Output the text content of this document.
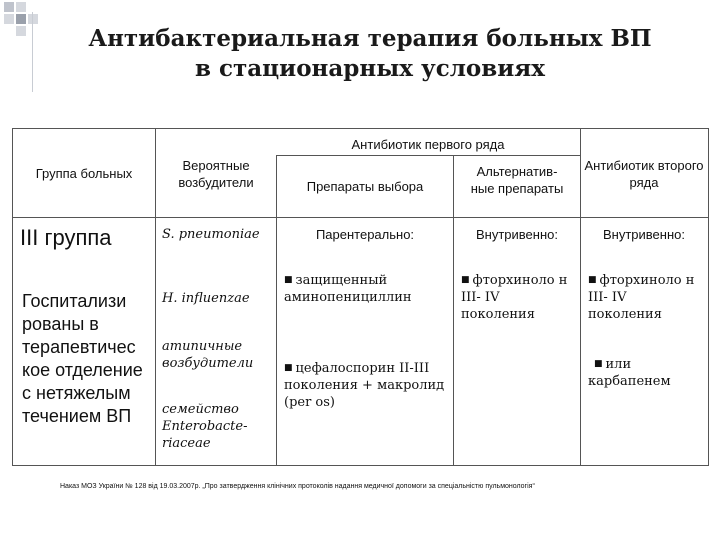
Антибактериальная терапия больных ВП
в стационарных условиях
Группа больных
Вероятные возбудители
Антибиотик первого ряда
Препараты выбора
Альтернатив-ные препараты
Антибиотик второго ряда
III группа
Госпитализи рованы в терапевтичес кое отделение с нетяжелым течением ВП
S. pneumoniae
H. influenzae
атипичные возбудители
семейство Enterobacte-riaceae
Парентерально:
■ защищенный аминопенициллин
■ цефалоспорин II-III поколения + макролид (per os)
Внутривенно:
■ фторхиноло н III- IV поколения
Внутривенно:
■ фторхиноло н III- IV поколения
■ или карбапенем
Наказ МОЗ України № 128 від 19.03.2007р. „Про затвердження клінічних протоколів надання медичної допомоги за спеціальністю пульмонологія“
